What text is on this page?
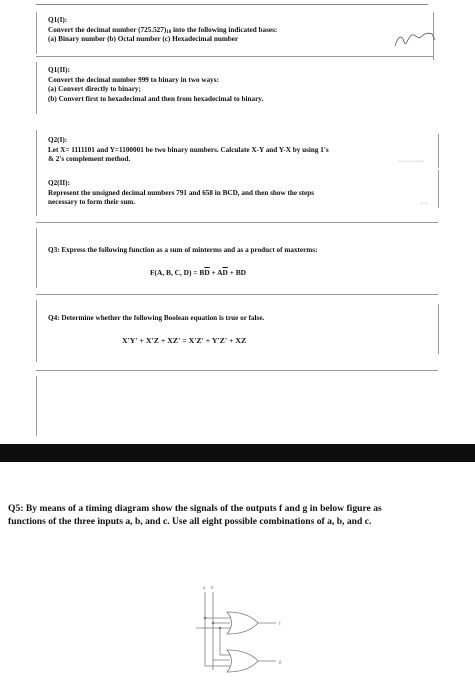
Q1(I):
Convert the decimal number $(725.527)_{10}$ into the following indicated bases:
(a) Binary number (b) Octal number (c) Hexadecimal number
Q1(II):
Convert the decimal number 999 to binary in two ways:
(a) Convert directly to binary;
(b) Convert first to hexadecimal and then from hexadecimal to binary.
Q2(I):
Let X= 1111101 and Y=1100001 be two binary numbers. Calculate X-Y and Y-X by using 1's
& 2's complement method.	·········
Q2(II):
Represent the unsigned decimal numbers 791 and 658 in BCD, and then show the steps
necessary to form their sum.	···
Q3: Express the following function as a sum of minterms and as a product of maxterms:
F(A, B, C, $D) = B\overline{D} + A\overline{D}$ + BD
Q4: Determine whether the following Boolean equation is true or false.
X'Y' + X'Z + XZ' = X'Z' + Y'Z' + XZ
Q5: By means of a timing diagram show the signals of the outputs f and g in below figure as
functions of the three inputs a, b, and c. Use all eight possible combinations of a, b, and c.
a b
f
g
